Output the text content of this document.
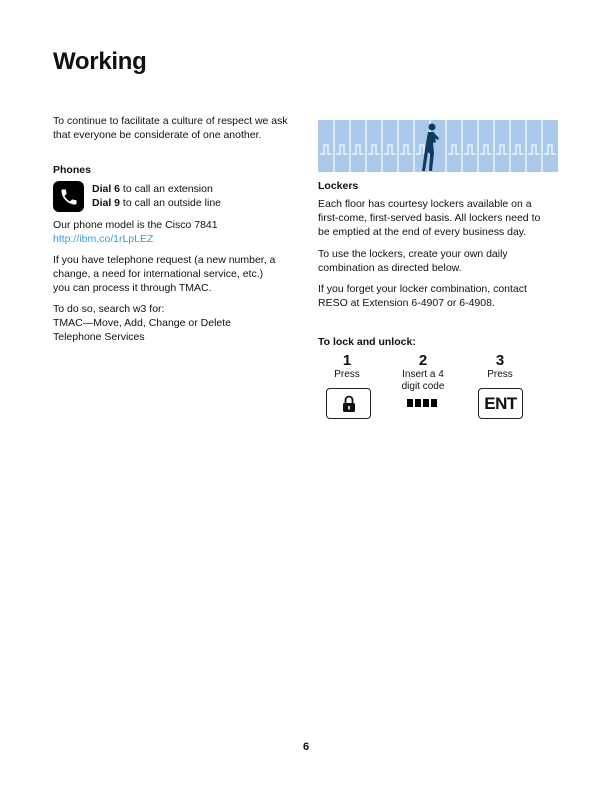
Working

To continue to facilitate a culture of respect we ask that everyone be considerate of one another.

Phones

Dial 6 to call an extension
Dial 9 to call an outside line
Our phone model is the Cisco 7841
http://ibm.co/1rLpLEZ

If you have telephone request (a new number, a change, a need for international service, etc.) you can process it through TMAC.

To do so, search w3 for:
TMAC—Move, Add, Change or Delete Telephone Services

Lockers

Each floor has courtesy lockers available on a first-come, first-served basis. All lockers need to be emptied at the end of every business day.

To use the lockers, create your own daily combination as directed below.

If you forget your locker combination, contact RESO at Extension 6-4907 or 6-4908.

To lock and unlock:

1
Press
2
Insert a 4 digit code
3
Press
ENT
6
